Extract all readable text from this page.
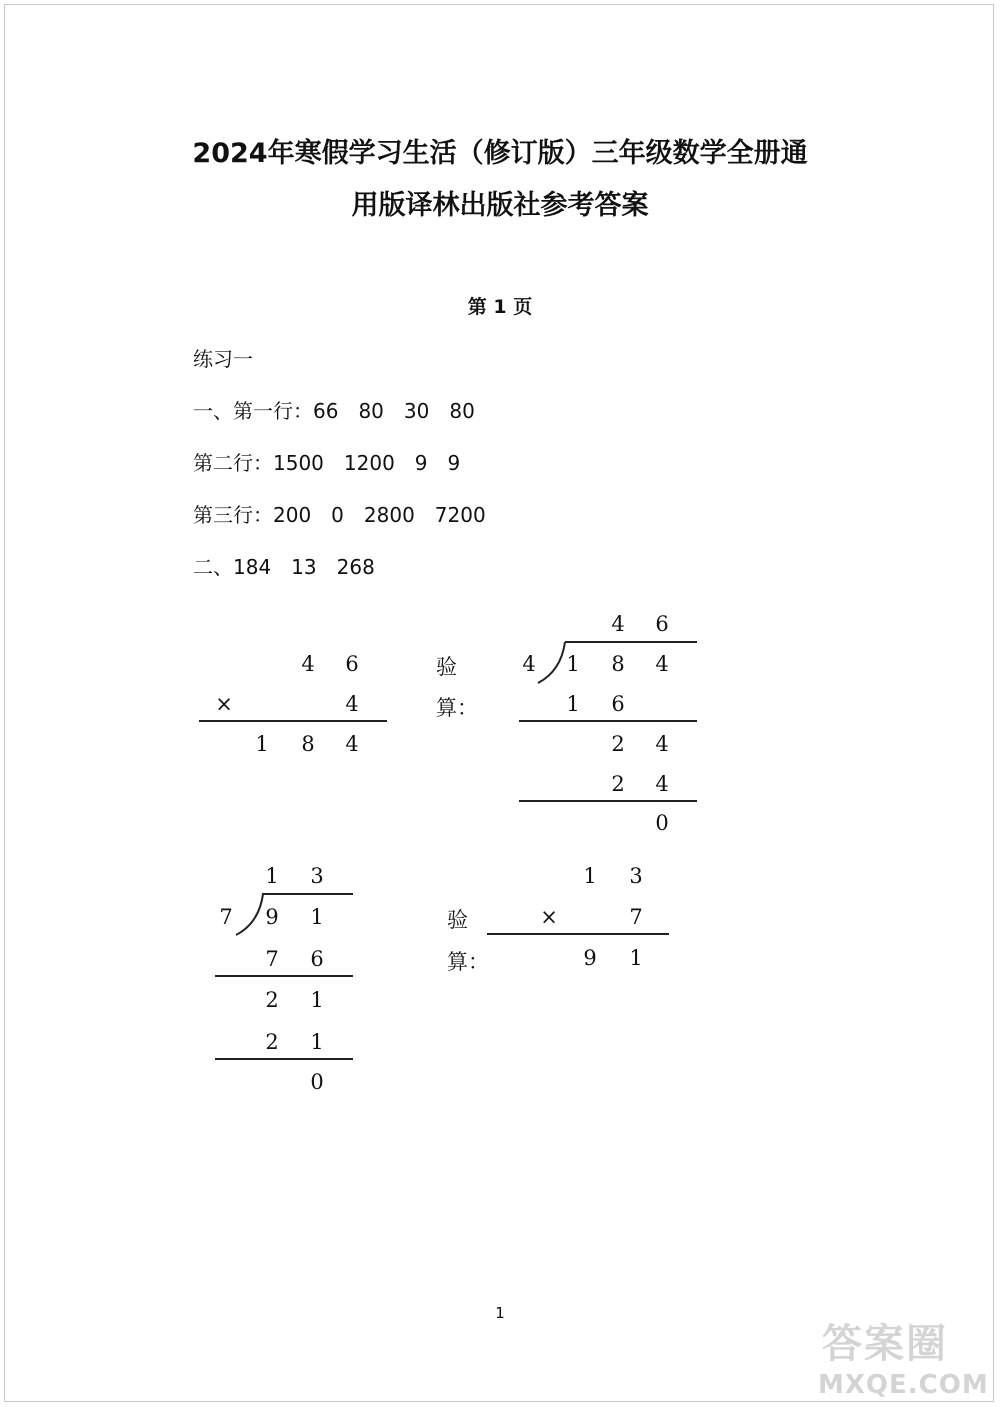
2024年寒假学习生活（修订版）三年级数学全册通
用版译林出版社参考答案
第 1 页
练习一
一、第一行：66　80　30　80
第二行：1500　1200　9　9
第三行：200　0　2800　7200
二、184　13　268
4 6
×	4
1 8 4
验
算：
4 6
4 1 8 4
1 6
2 4
2 4
0
1 3
7 9 1
7 6
2 1
2 1
0
验
算：
1 3
×	7
9 1
1
答案圈
MXQE.COM
